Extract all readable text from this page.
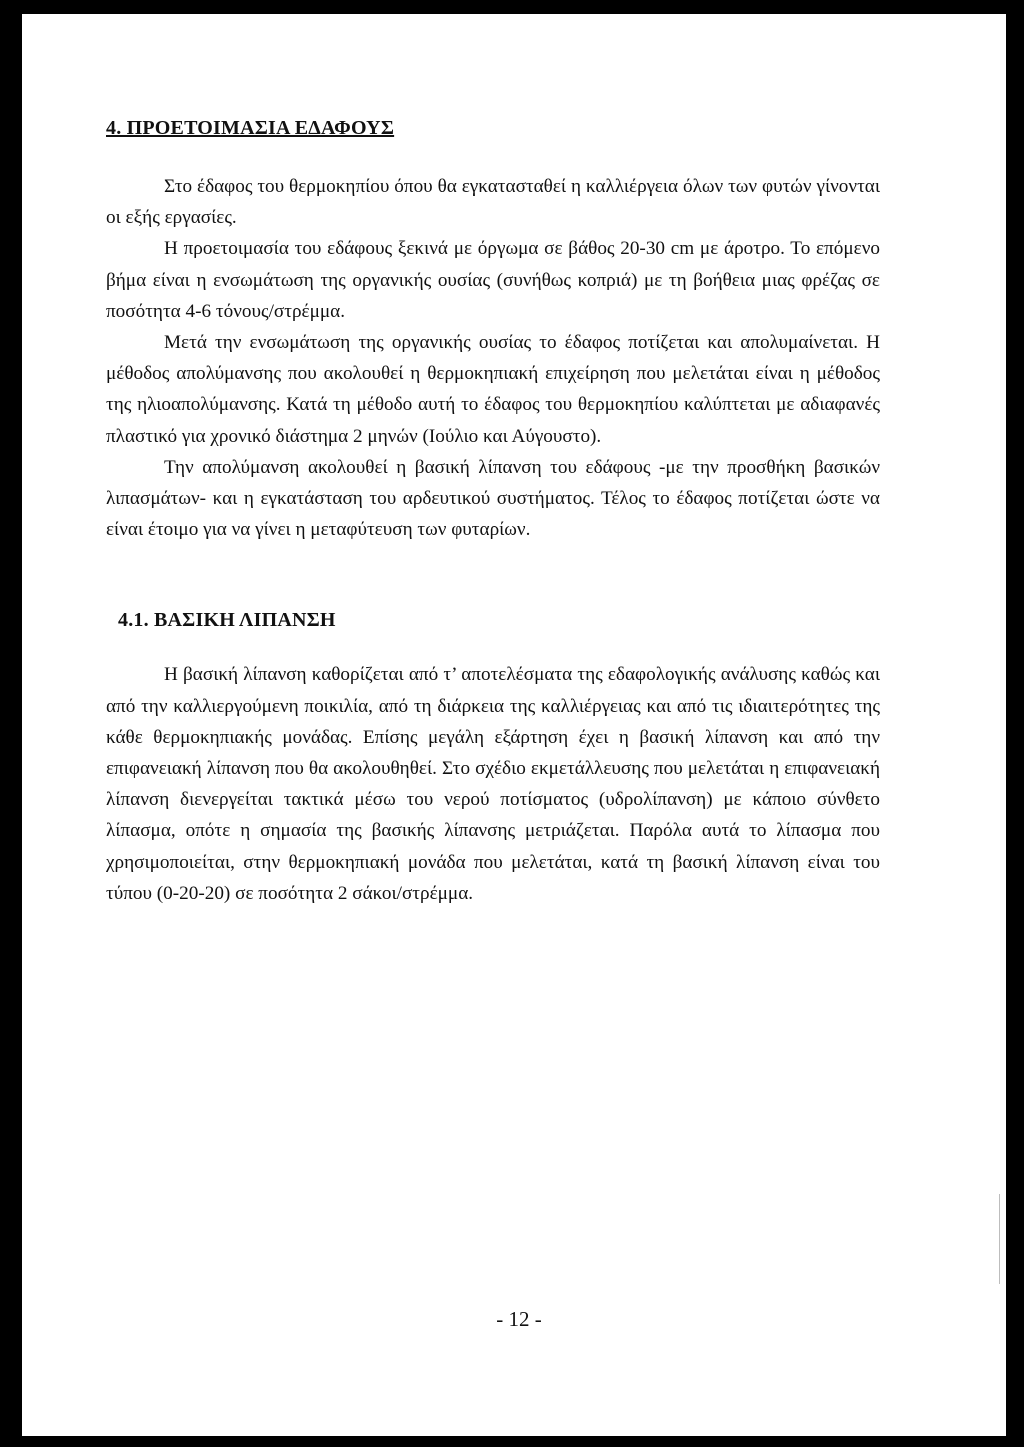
4. ΠΡΟΕΤΟΙΜΑΣΙΑ ΕΔΑΦΟΥΣ

Στο έδαφος του θερμοκηπίου όπου θα εγκατασταθεί η καλλιέργεια όλων των φυτών γίνονται οι εξής εργασίες.

Η προετοιμασία του εδάφους ξεκινά με όργωμα σε βάθος 20-30 cm με άροτρο. Το επόμενο βήμα είναι η ενσωμάτωση της οργανικής ουσίας (συνήθως κοπριά) με τη βοήθεια μιας φρέζας σε ποσότητα 4-6 τόνους/στρέμμα.

Μετά την ενσωμάτωση της οργανικής ουσίας το έδαφος ποτίζεται και απολυμαίνεται. Η μέθοδος απολύμανσης που ακολουθεί η θερμοκηπιακή επιχείρηση που μελετάται είναι η μέθοδος της ηλιοαπολύμανσης. Κατά τη μέθοδο αυτή το έδαφος του θερμοκηπίου καλύπτεται με αδιαφανές πλαστικό για χρονικό διάστημα 2 μηνών (Ιούλιο και Αύγουστο).

Την απολύμανση ακολουθεί η βασική λίπανση του εδάφους -με την προσθήκη βασικών λιπασμάτων- και η εγκατάσταση του αρδευτικού συστήματος. Τέλος το έδαφος ποτίζεται ώστε να είναι έτοιμο για να γίνει η μεταφύτευση των φυταρίων.

4.1. ΒΑΣΙΚΗ ΛΙΠΑΝΣΗ

Η βασική λίπανση καθορίζεται από τ’ αποτελέσματα της εδαφολογικής ανάλυσης καθώς και από την καλλιεργούμενη ποικιλία, από τη διάρκεια της καλλιέργειας και από τις ιδιαιτερότητες της κάθε θερμοκηπιακής μονάδας. Επίσης μεγάλη εξάρτηση έχει η βασική λίπανση και από την επιφανειακή λίπανση που θα ακολουθηθεί. Στο σχέδιο εκμετάλλευσης που μελετάται η επιφανειακή λίπανση διενεργείται τακτικά μέσω του νερού ποτίσματος (υδρολίπανση) με κάποιο σύνθετο λίπασμα, οπότε η σημασία της βασικής λίπανσης μετριάζεται. Παρόλα αυτά το λίπασμα που χρησιμοποιείται, στην θερμοκηπιακή μονάδα που μελετάται, κατά τη βασική λίπανση είναι του τύπου (0-20-20) σε ποσότητα 2 σάκοι/στρέμμα.

- 12 -
